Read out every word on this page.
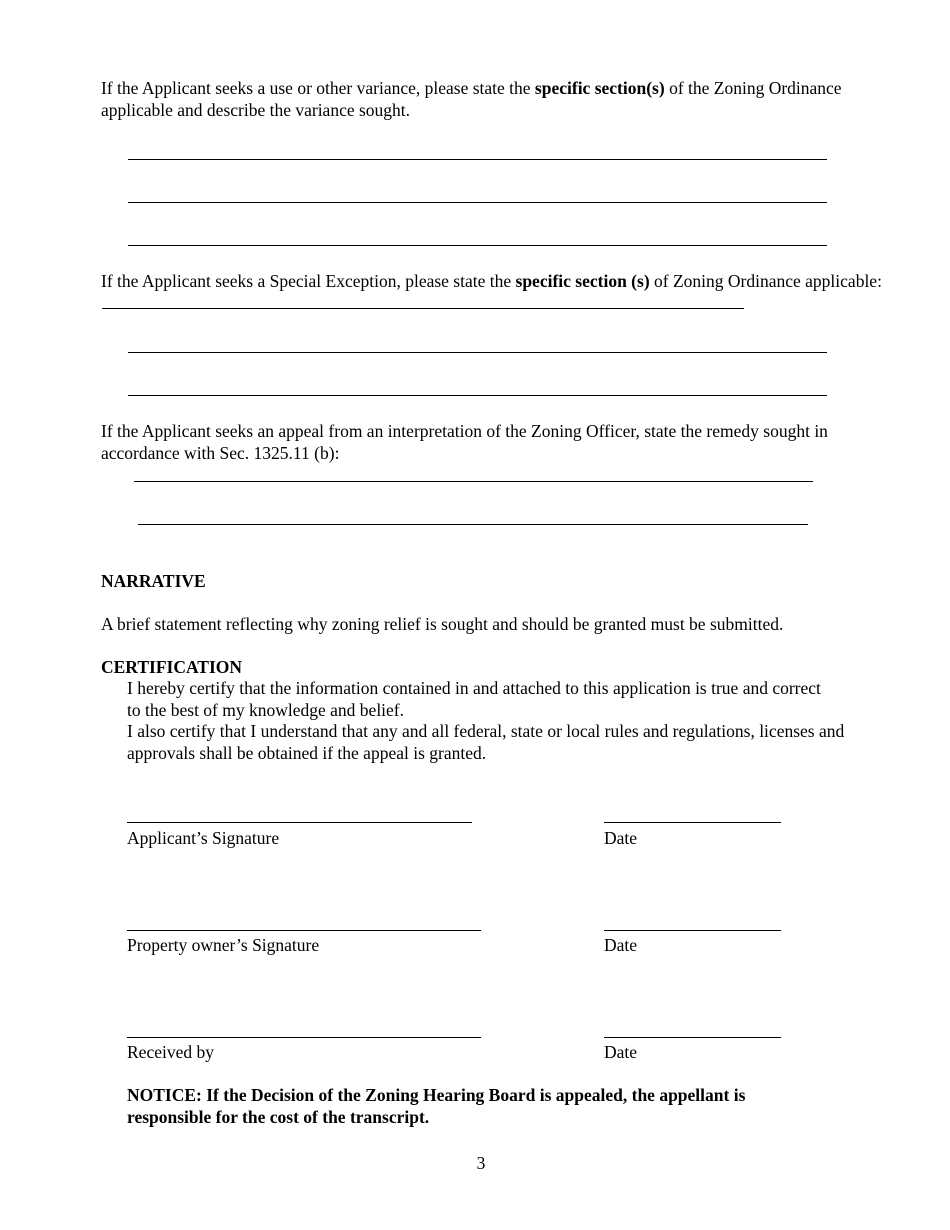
If the Applicant seeks a use or other variance, please state the specific section(s) of the Zoning Ordinance applicable and describe the variance sought.
If the Applicant seeks a Special Exception, please state the specific section (s) of Zoning Ordinance applicable:
If the Applicant seeks an appeal from an interpretation of the Zoning Officer, state the remedy sought in accordance with Sec. 1325.11 (b):
NARRATIVE
A brief statement reflecting why zoning relief is sought and should be granted must be submitted.
CERTIFICATION
I hereby certify that the information contained in and attached to this application is true and correct to the best of my knowledge and belief.
I also certify that I understand that any and all federal, state or local rules and regulations, licenses and approvals shall be obtained if the appeal is granted.
Applicant’s Signature	Date
Property owner’s Signature	Date
Received by	Date
NOTICE: If the Decision of the Zoning Hearing Board is appealed, the appellant is responsible for the cost of the transcript.
3
